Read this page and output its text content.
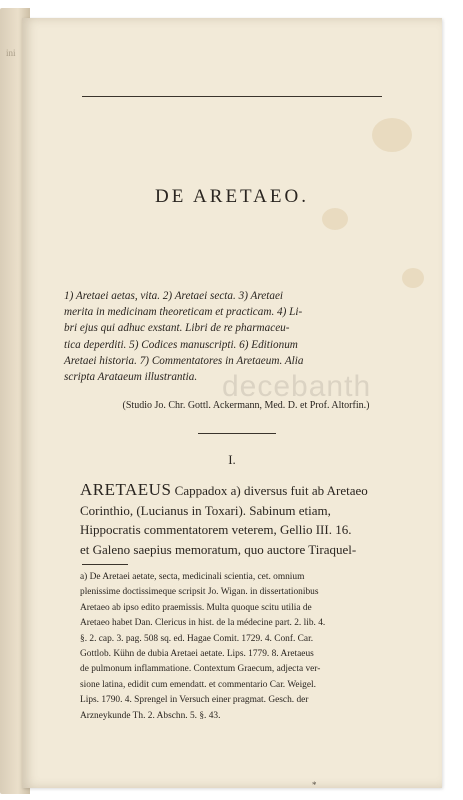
ini
DE ARETAEO.
1) Aretaei aetas, vita. 2) Aretaei secta. 3) Aretaei
merita in medicinam theoreticam et practicam. 4) Li-
bri ejus qui adhuc exstant. Libri de re pharmaceu-
tica deperditi. 5) Codices manuscripti. 6) Editionum
Aretaei historia. 7) Commentatores in Aretaeum. Alia
scripta Arataeum illustrantia.
(Studio Jo. Chr. Gottl. Ackermann, Med. D. et Prof. Altorfin.)
I.
ARETAEUS Cappadox a) diversus fuit ab Aretaeo
Corinthio, (Lucianus in Toxari). Sabinum etiam,
Hippocratis commentatorem veterem, Gellio III. 16.
et Galeno saepius memoratum, quo auctore Tiraquel-
a) De Aretaei aetate, secta, medicinali scientia, cet. omnium
plenissime doctissimeque scripsit Jo. Wigan. in dissertationibus
Aretaeo ab ipso edito praemissis. Multa quoque scitu utilia de
Aretaeo habet Dan. Clericus in hist. de la médecine part. 2. lib. 4.
§. 2. cap. 3. pag. 508 sq. ed. Hagae Comit. 1729. 4. Conf. Car.
Gottlob. Kühn de dubia Aretaei aetate. Lips. 1779. 8. Aretaeus
de pulmonum inflammatione. Contextum Graecum, adjecta ver-
sione latina, edidit cum emendatt. et commentario Car. Weigel.
Lips. 1790. 4. Sprengel in Versuch einer pragmat. Gesch. der
Arzneykunde Th. 2. Abschn. 5. §. 43.
*
decebanth
